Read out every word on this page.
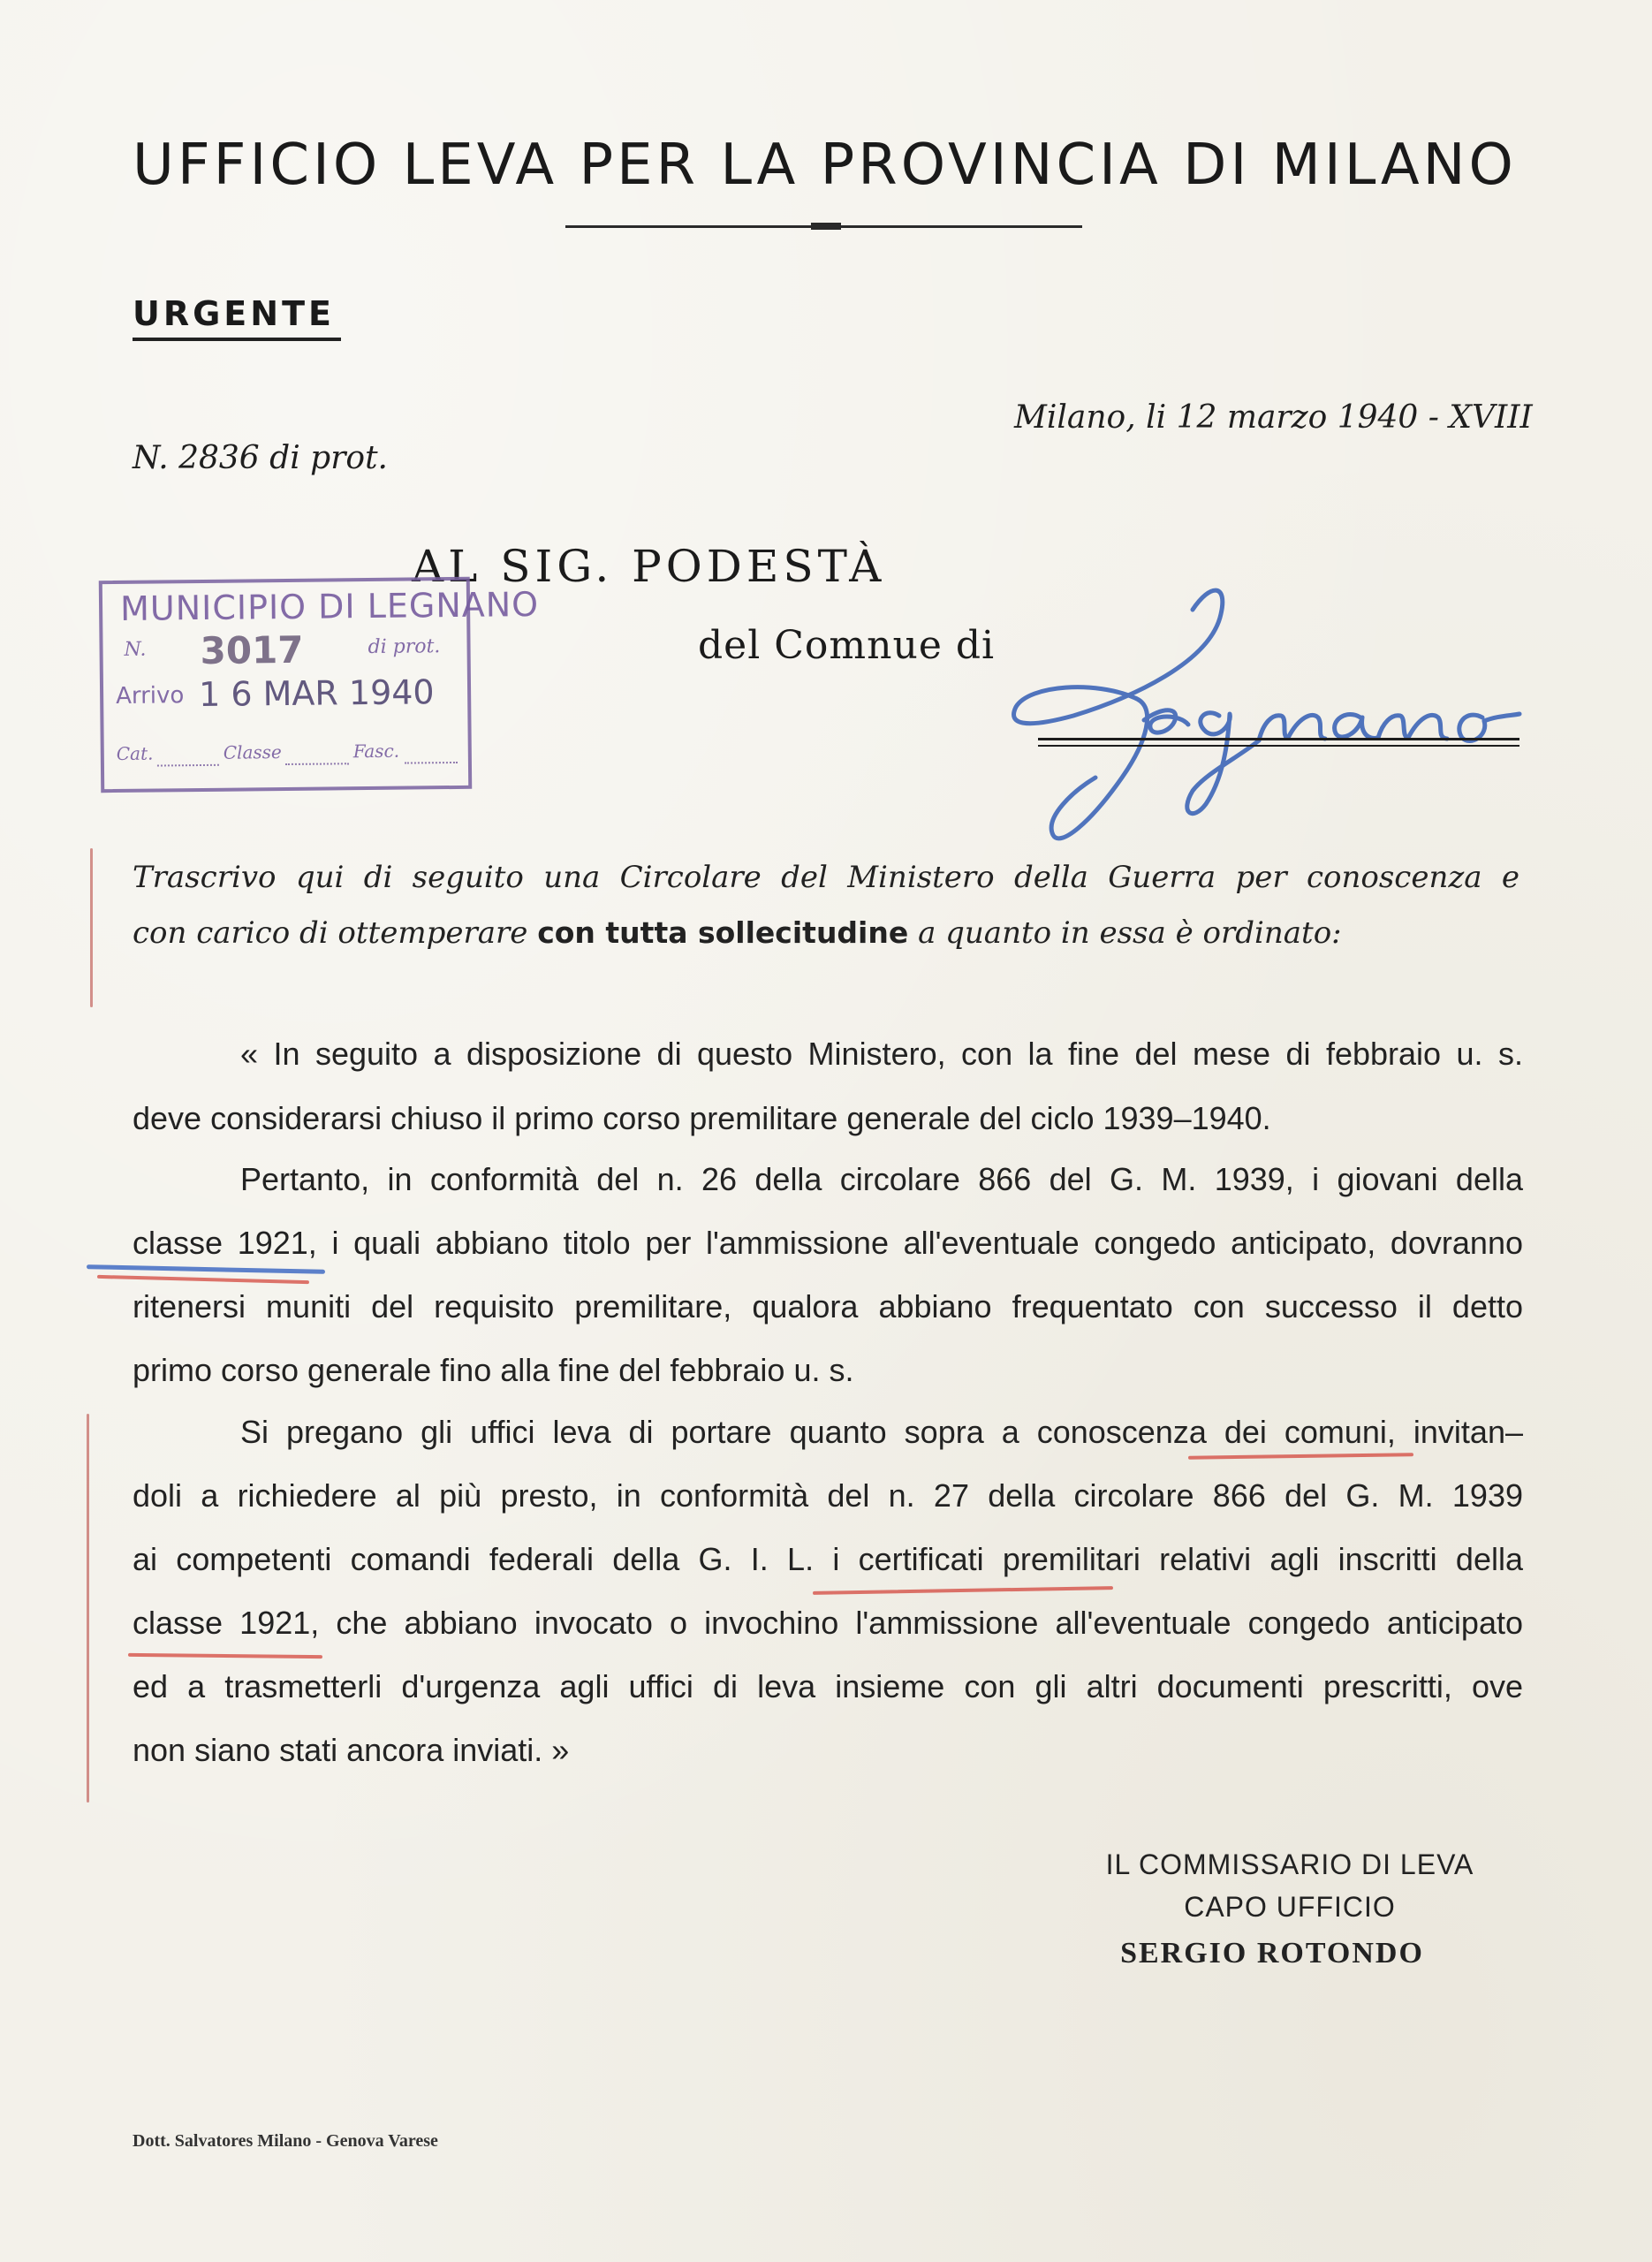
UFFICIO LEVA PER LA PROVINCIA DI MILANO
URGENTE
Milano, li 12 marzo 1940 - XVIII
N. 2836 di prot.
AL SIG. PODESTÀ
del Comnue di
MUNICIPIO DI LEGNANO
N. 3017	di prot.
Arrivo 1 6 MAR 1940
Cat.	Classe	Fasc.
Trascrivo qui di seguito una Circolare del Ministero della Guerra per conoscenza e
con carico di ottemperare con tutta sollecitudine a quanto in essa è ordinato:
« In seguito a disposizione di questo Ministero, con la fine del mese di febbraio u. s.
deve considerarsi chiuso il primo corso premilitare generale del ciclo 1939–1940.
Pertanto, in conformità del n. 26 della circolare 866 del G. M. 1939, i giovani della
classe 1921, i quali abbiano titolo per l'ammissione all'eventuale congedo anticipato, dovranno
ritenersi muniti del requisito premilitare, qualora abbiano frequentato con successo il detto
primo corso generale fino alla fine del febbraio u. s.
Si pregano gli uffici leva di portare quanto sopra a conoscenza dei comuni, invitan–
doli a richiedere al più presto, in conformità del n. 27 della circolare 866 del G. M. 1939
ai competenti comandi federali della G. I. L. i certificati premilitari relativi agli inscritti della
classe 1921, che abbiano invocato o invochino l'ammissione all'eventuale congedo anticipato
ed a trasmetterli d'urgenza agli uffici di leva insieme con gli altri documenti prescritti, ove
non siano stati ancora inviati. »
IL COMMISSARIO DI LEVA
CAPO UFFICIO
SERGIO ROTONDO
Dott. Salvatores Milano - Genova Varese
